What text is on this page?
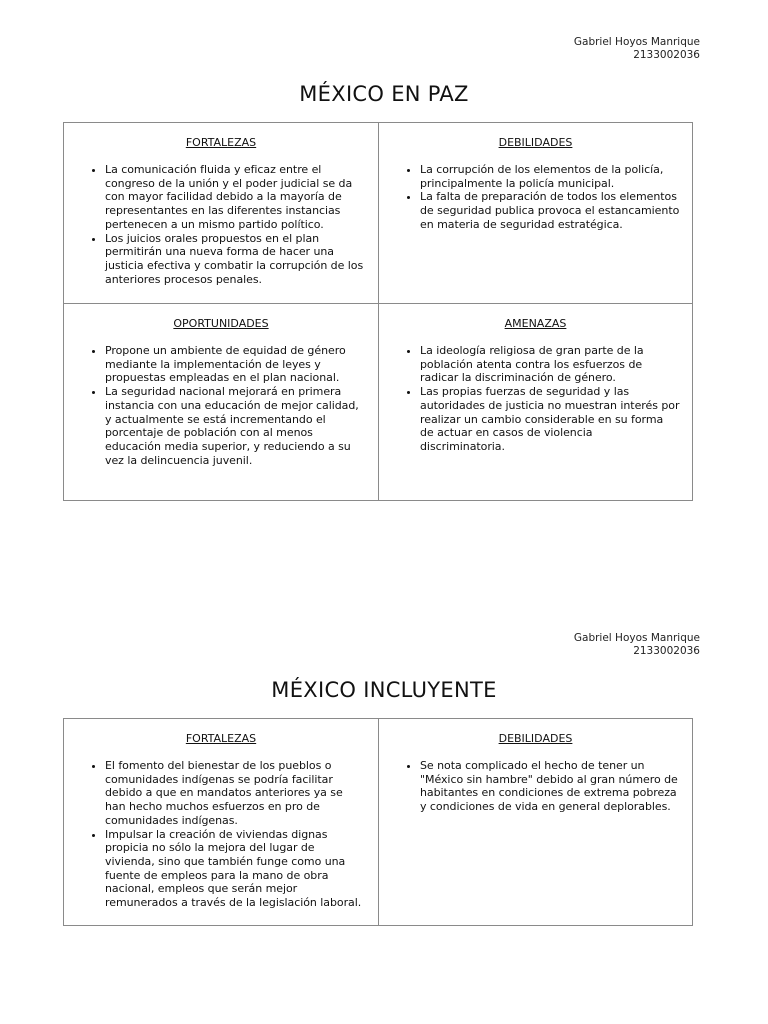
Gabriel Hoyos Manrique
2133002036
MÉXICO EN PAZ
FORTALEZAS
• La comunicación fluida y eficaz entre el congreso de la unión y el poder judicial se da con mayor facilidad debido a la mayoría de representantes en las diferentes instancias pertenecen a un mismo partido político.
• Los juicios orales propuestos en el plan permitirán una nueva forma de hacer una justicia efectiva y combatir la corrupción de los anteriores procesos penales.
DEBILIDADES
• La corrupción de los elementos de la policía, principalmente la policía municipal.
• La falta de preparación de todos los elementos de seguridad publica provoca el estancamiento en materia de seguridad estratégica.
OPORTUNIDADES
• Propone un ambiente de equidad de género mediante la implementación de leyes y propuestas empleadas en el plan nacional.
• La seguridad nacional mejorará en primera instancia con una educación de mejor calidad, y actualmente se está incrementando el porcentaje de población con al menos educación media superior, y reduciendo a su vez la delincuencia juvenil.
AMENAZAS
• La ideología religiosa de gran parte de la población atenta contra los esfuerzos de radicar la discriminación de género.
• Las propias fuerzas de seguridad y las autoridades de justicia no muestran interés por realizar un cambio considerable en su forma de actuar en casos de violencia discriminatoria.
Gabriel Hoyos Manrique
2133002036
MÉXICO INCLUYENTE
FORTALEZAS
• El fomento del bienestar de los pueblos o comunidades indígenas se podría facilitar debido a que en mandatos anteriores ya se han hecho muchos esfuerzos en pro de comunidades indígenas.
• Impulsar la creación de viviendas dignas propicia no sólo la mejora del lugar de vivienda, sino que también funge como una fuente de empleos para la mano de obra nacional, empleos que serán mejor remunerados a través de la legislación laboral.
DEBILIDADES
• Se nota complicado el hecho de tener un "México sin hambre" debido al gran número de habitantes en condiciones de extrema pobreza y condiciones de vida en general deplorables.
